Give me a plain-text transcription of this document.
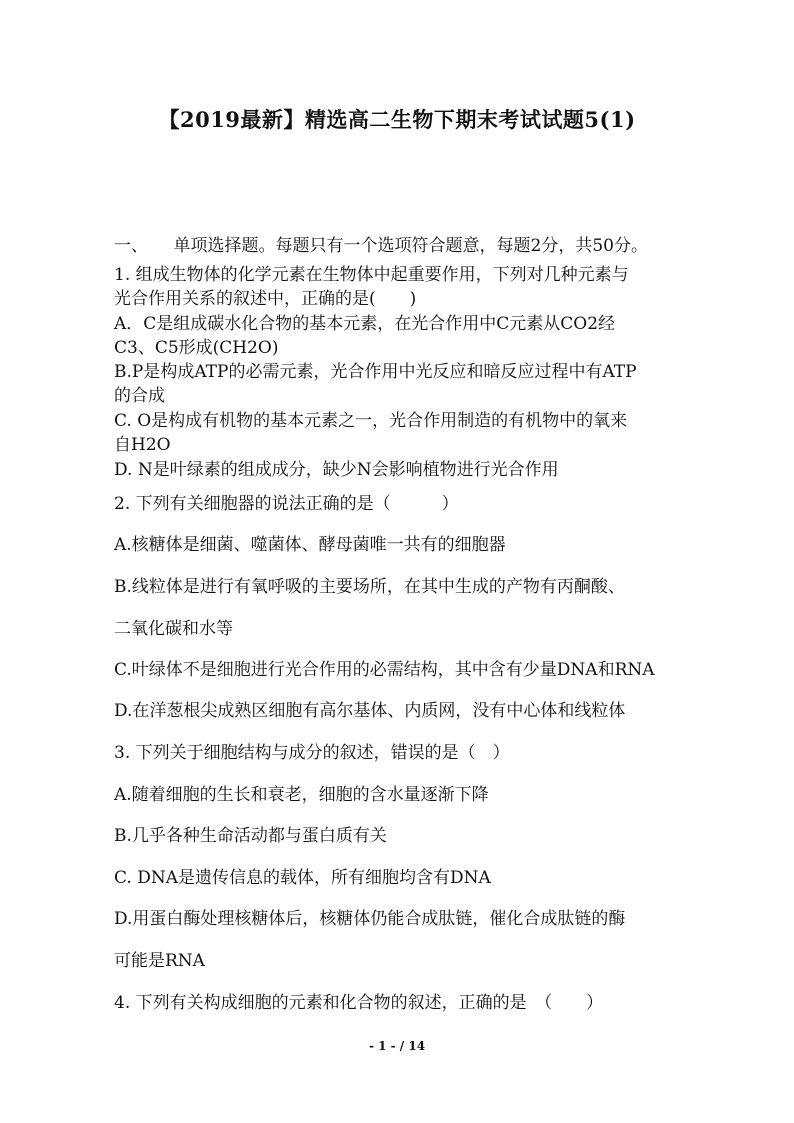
【2019最新】精选高二生物下期末考试试题5(1)
一、　　单项选择题。每题只有一个选项符合题意，每题2分，共50分。
1. 组成生物体的化学元素在生物体中起重要作用，下列对几种元素与
光合作用关系的叙述中，正确的是(　　)
A．C是组成碳水化合物的基本元素，在光合作用中C元素从CO2经
C3、C5形成(CH2O)
B.P是构成ATP的必需元素，光合作用中光反应和暗反应过程中有ATP
的合成
C. O是构成有机物的基本元素之一，光合作用制造的有机物中的氧来
自H2O
D. N是叶绿素的组成成分，缺少N会影响植物进行光合作用
2. 下列有关细胞器的说法正确的是（　　　）
A.核糖体是细菌、噬菌体、酵母菌唯一共有的细胞器
B.线粒体是进行有氧呼吸的主要场所，在其中生成的产物有丙酮酸、
二氧化碳和水等
C.叶绿体不是细胞进行光合作用的必需结构，其中含有少量DNA和RNA
D.在洋葱根尖成熟区细胞有高尔基体、内质网，没有中心体和线粒体
3. 下列关于细胞结构与成分的叙述，错误的是（　）
A.随着细胞的生长和衰老，细胞的含水量逐渐下降
B.几乎各种生命活动都与蛋白质有关
C. DNA是遗传信息的载体，所有细胞均含有DNA
D.用蛋白酶处理核糖体后，核糖体仍能合成肽链，催化合成肽链的酶
可能是RNA
4. 下列有关构成细胞的元素和化合物的叙述，正确的是　（　　）
- 1 - / 14
